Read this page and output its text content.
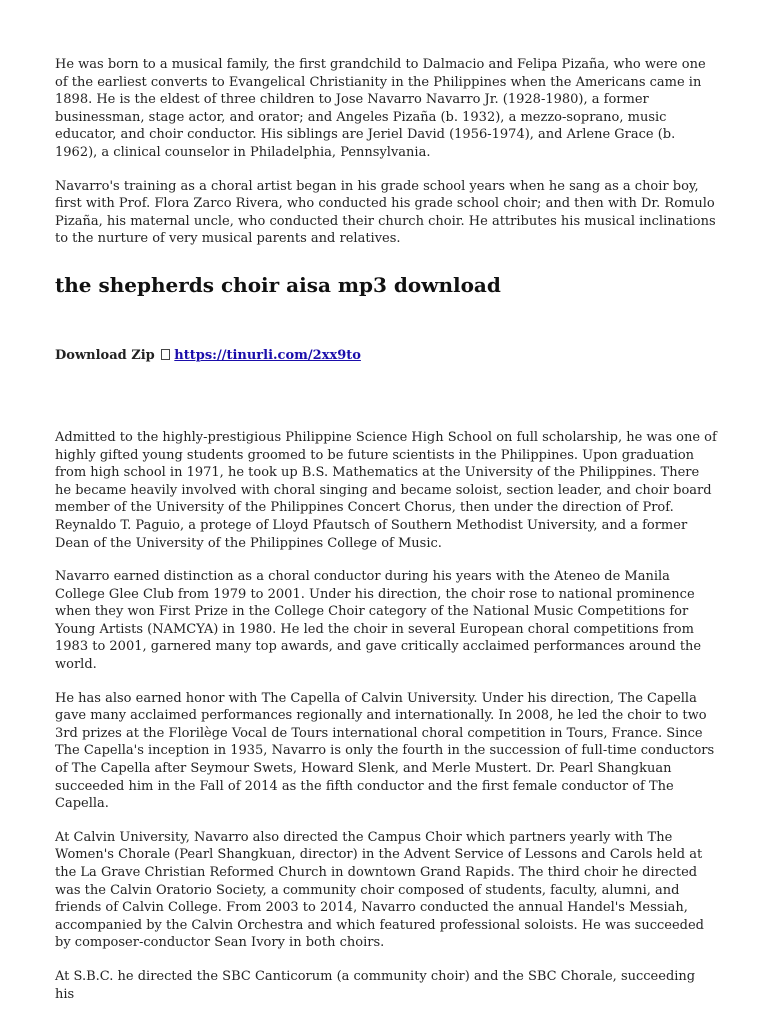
He was born to a musical family, the first grandchild to Dalmacio and Felipa Pizaña, who were one of the earliest converts to Evangelical Christianity in the Philippines when the Americans came in 1898. He is the eldest of three children to Jose Navarro Navarro Jr. (1928-1980), a former businessman, stage actor, and orator; and Angeles Pizaña (b. 1932), a mezzo-soprano, music educator, and choir conductor. His siblings are Jeriel David (1956-1974), and Arlene Grace (b. 1962), a clinical counselor in Philadelphia, Pennsylvania.

Navarro's training as a choral artist began in his grade school years when he sang as a choir boy, first with Prof. Flora Zarco Rivera, who conducted his grade school choir; and then with Dr. Romulo Pizaña, his maternal uncle, who conducted their church choir. He attributes his musical inclinations to the nurture of very musical parents and relatives.

the shepherds choir aisa mp3 download
Download Zip https://tinurli.com/2xx9to

Admitted to the highly-prestigious Philippine Science High School on full scholarship, he was one of highly gifted young students groomed to be future scientists in the Philippines. Upon graduation from high school in 1971, he took up B.S. Mathematics at the University of the Philippines. There he became heavily involved with choral singing and became soloist, section leader, and choir board member of the University of the Philippines Concert Chorus, then under the direction of Prof. Reynaldo T. Paguio, a protege of Lloyd Pfautsch of Southern Methodist University, and a former Dean of the University of the Philippines College of Music.

Navarro earned distinction as a choral conductor during his years with the Ateneo de Manila College Glee Club from 1979 to 2001. Under his direction, the choir rose to national prominence when they won First Prize in the College Choir category of the National Music Competitions for Young Artists (NAMCYA) in 1980. He led the choir in several European choral competitions from 1983 to 2001, garnered many top awards, and gave critically acclaimed performances around the world.

He has also earned honor with The Capella of Calvin University. Under his direction, The Capella gave many acclaimed performances regionally and internationally. In 2008, he led the choir to two 3rd prizes at the Florilège Vocal de Tours international choral competition in Tours, France. Since The Capella's inception in 1935, Navarro is only the fourth in the succession of full-time conductors of The Capella after Seymour Swets, Howard Slenk, and Merle Mustert. Dr. Pearl Shangkuan succeeded him in the Fall of 2014 as the fifth conductor and the first female conductor of The Capella.

At Calvin University, Navarro also directed the Campus Choir which partners yearly with The Women's Chorale (Pearl Shangkuan, director) in the Advent Service of Lessons and Carols held at the La Grave Christian Reformed Church in downtown Grand Rapids. The third choir he directed was the Calvin Oratorio Society, a community choir composed of students, faculty, alumni, and friends of Calvin College. From 2003 to 2014, Navarro conducted the annual Handel's Messiah, accompanied by the Calvin Orchestra and which featured professional soloists. He was succeeded by composer-conductor Sean Ivory in both choirs.

At S.B.C. he directed the SBC Canticorum (a community choir) and the SBC Chorale, succeeding his
